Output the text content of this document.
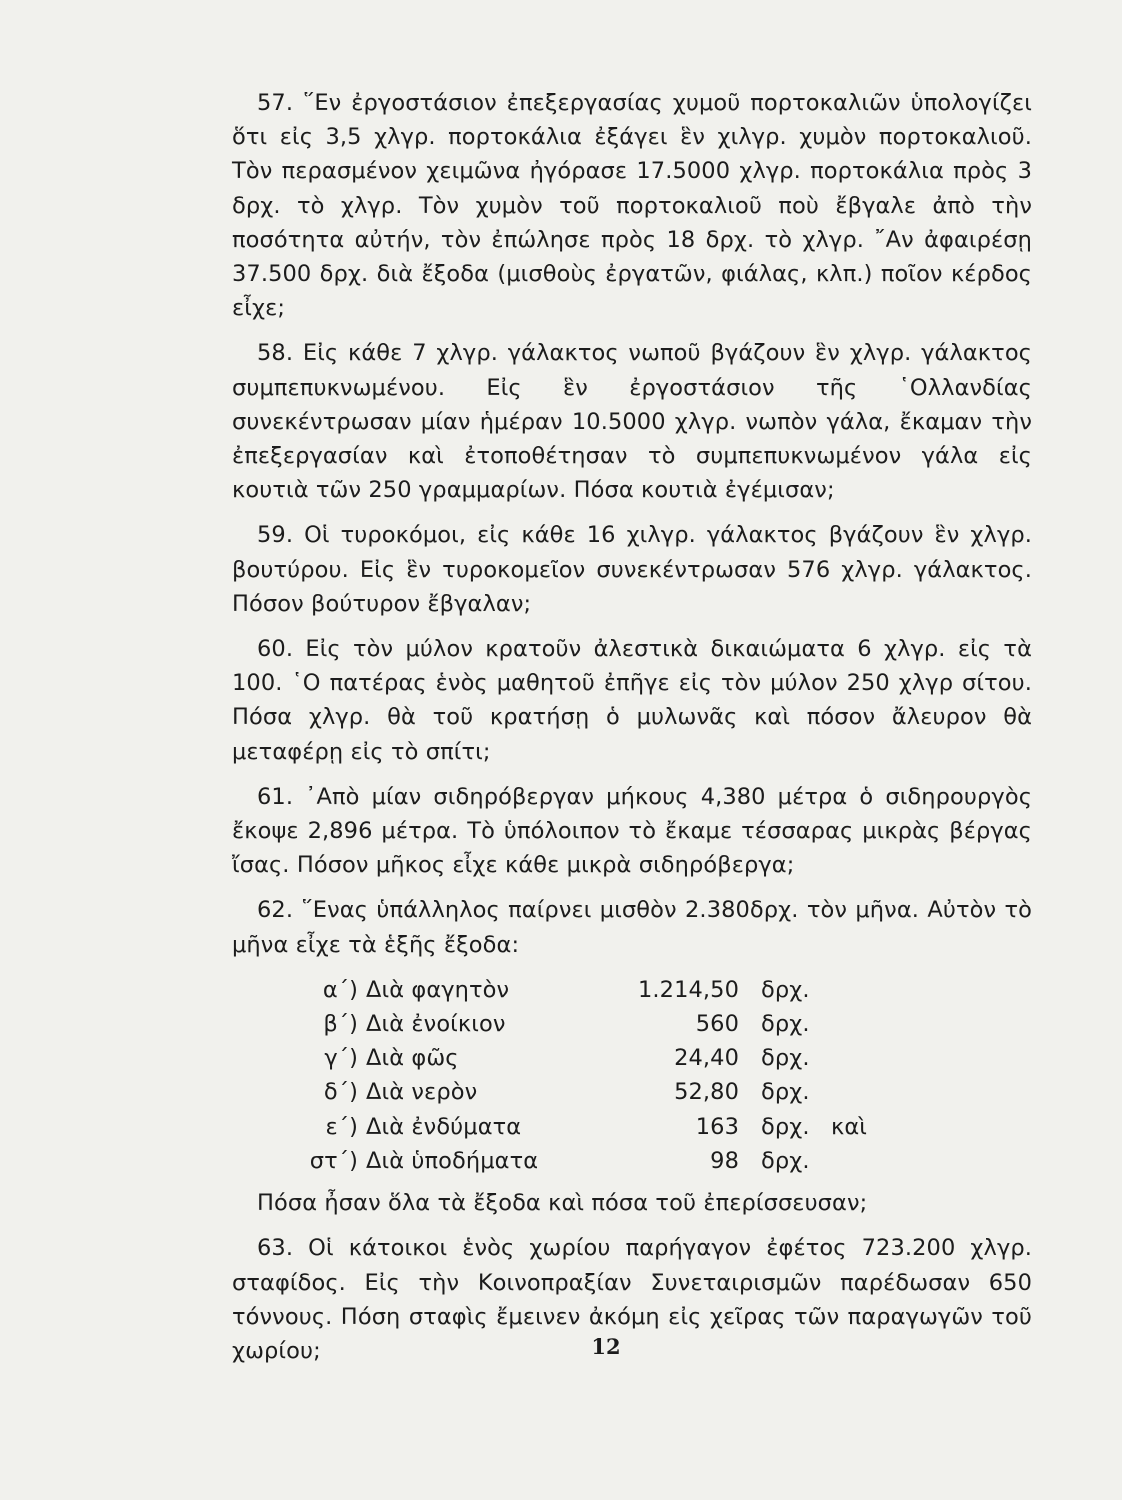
57. ῞Εν ἐργοστάσιον ἐπεξεργασίας χυμοῦ πορτοκαλιῶν ὑπολογίζει ὅτι εἰς 3,5 χλγρ. πορτοκάλια ἐξάγει ἓν χιλγρ. χυμὸν πορτοκαλιοῦ. Τὸν περασμένον χειμῶνα ἠγόρασε 17.5000 χλγρ. πορτοκάλια πρὸς 3 δρχ. τὸ χλγρ. Τὸν χυμὸν τοῦ πορτοκαλιοῦ ποὺ ἔβγαλε ἀπὸ τὴν ποσότητα αὐτήν, τὸν ἐπώλησε πρὸς 18 δρχ. τὸ χλγρ. ῎Αν ἀφαιρέσῃ 37.500 δρχ. διὰ ἔξοδα (μισθοὺς ἐργατῶν, φιάλας, κλπ.) ποῖον κέρδος εἶχε;

58. Εἰς κάθε 7 χλγρ. γάλακτος νωποῦ βγάζουν ἓν χλγρ. γάλακτος συμπεπυκνωμένου. Εἰς ἓν ἐργοστάσιον τῆς ῾Ολλανδίας συνεκέντρωσαν μίαν ἡμέραν 10.5000 χλγρ. νωπὸν γάλα, ἔκαμαν τὴν ἐπεξεργασίαν καὶ ἐτοποθέτησαν τὸ συμπεπυκνωμένον γάλα εἰς κουτιὰ τῶν 250 γραμμαρίων. Πόσα κουτιὰ ἐγέμισαν;

59. Οἱ τυροκόμοι, εἰς κάθε 16 χιλγρ. γάλακτος βγάζουν ἓν χλγρ. βουτύρου. Εἰς ἓν τυροκομεῖον συνεκέντρωσαν 576 χλγρ. γάλακτος. Πόσον βούτυρον ἔβγαλαν;

60. Εἰς τὸν μύλον κρατοῦν ἀλεστικὰ δικαιώματα 6 χλγρ. εἰς τὰ 100. ῾Ο πατέρας ἑνὸς μαθητοῦ ἐπῆγε εἰς τὸν μύλον 250 χλγρ σίτου. Πόσα χλγρ. θὰ τοῦ κρατήσῃ ὁ μυλωνᾶς καὶ πόσον ἄλευρον θὰ μεταφέρῃ εἰς τὸ σπίτι;

61. ᾿Απὸ μίαν σιδηρόβεργαν μήκους 4,380 μέτρα ὁ σιδηρουργὸς ἔκοψε 2,896 μέτρα. Τὸ ὑπόλοιπον τὸ ἔκαμε τέσσαρας μικρὰς βέργας ἴσας. Πόσον μῆκος εἶχε κάθε μικρὰ σιδηρόβεργα;

62. ῞Ενας ὑπάλληλος παίρνει μισθὸν 2.380δρχ. τὸν μῆνα. Αὐτὸν τὸ μῆνα εἶχε τὰ ἑξῆς ἔξοδα:

α΄)	Διὰ φαγητὸν	1.214,50	δρχ.	
β΄)	Διὰ ἐνοίκιον	560	δρχ.	
γ΄)	Διὰ φῶς	24,40	δρχ.	
δ΄)	Διὰ νερὸν	52,80	δρχ.	
ε΄)	Διὰ ἐνδύματα	163	δρχ.	καὶ
στ΄)	Διὰ ὑποδήματα	98	δρχ.	

Πόσα ἦσαν ὅλα τὰ ἔξοδα καὶ πόσα τοῦ ἐπερίσσευσαν;

63. Οἱ κάτοικοι ἑνὸς χωρίου παρήγαγον ἐφέτος 723.200 χλγρ. σταφίδος. Εἰς τὴν Κοινοπραξίαν Συνεταιρισμῶν παρέδωσαν 650 τόννους. Πόση σταφὶς ἔμεινεν ἀκόμη εἰς χεῖρας τῶν παραγωγῶν τοῦ χωρίου;	12
